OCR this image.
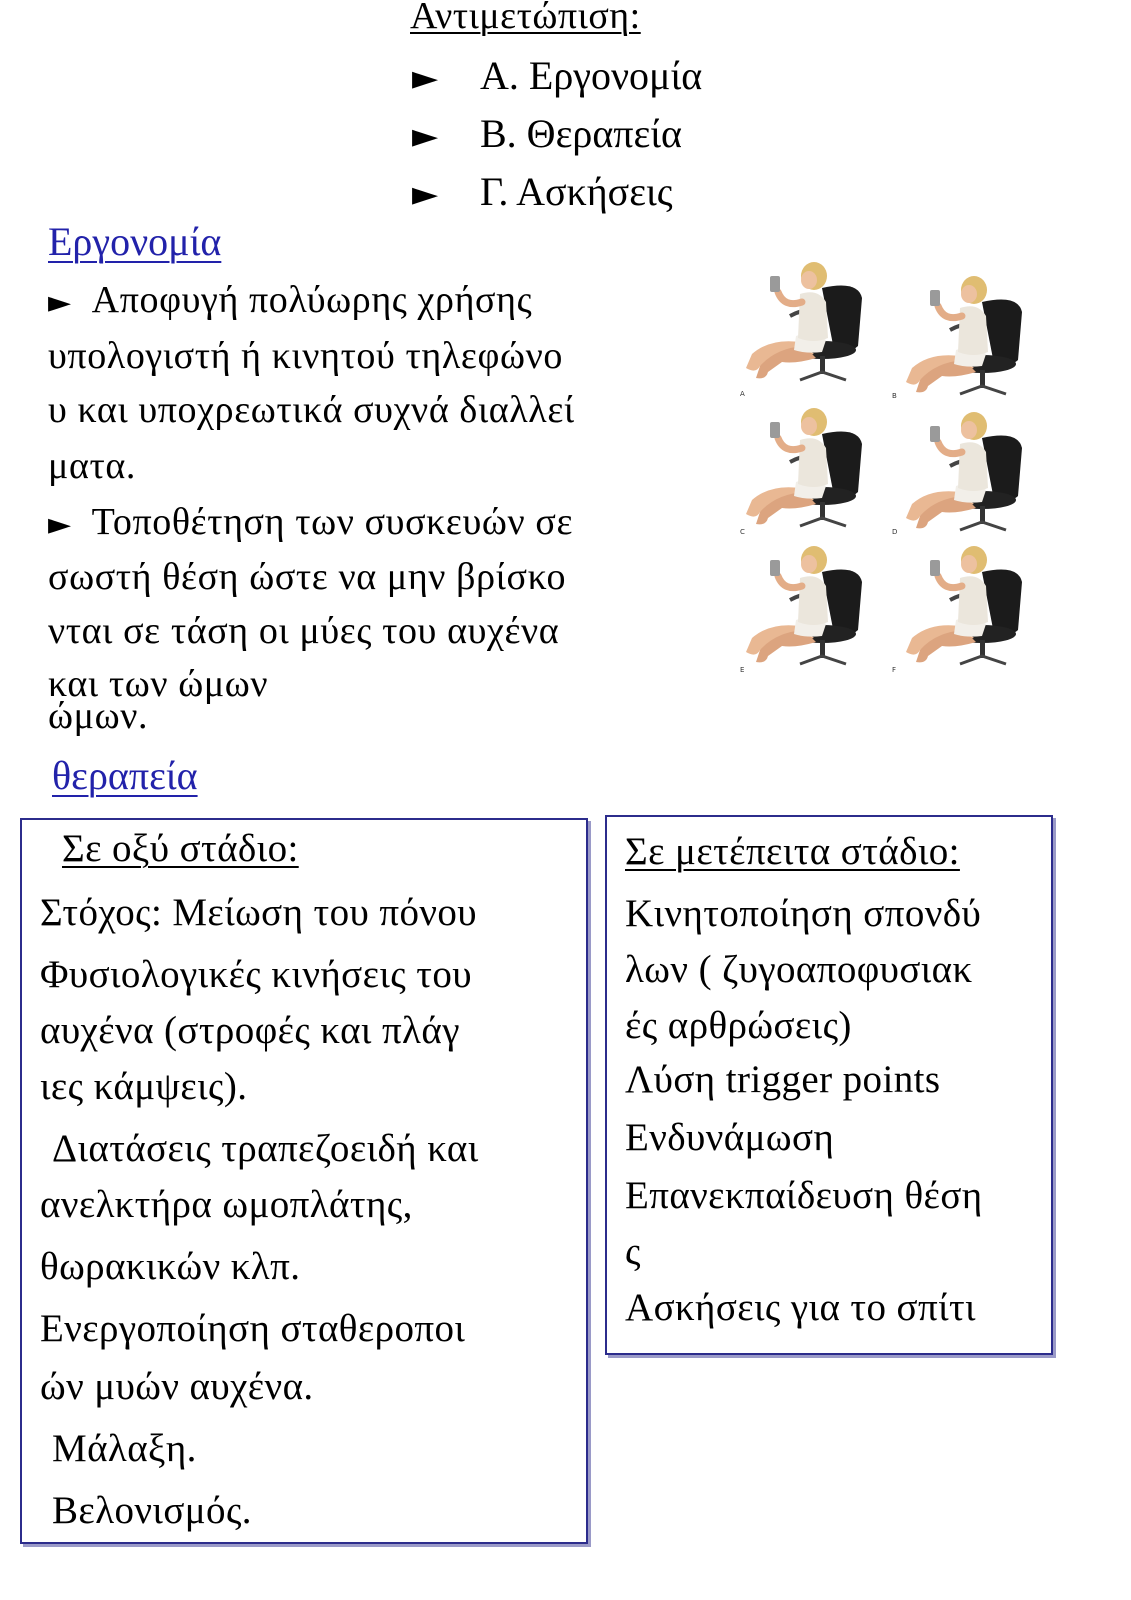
Αντιμετώπιση:
► Α. Εργονομία
► Β. Θεραπεία
► Γ. Ασκήσεις
Εργονομία
► Αποφυγή πολύωρης χρήσης
υπολογιστή ή κινητού τηλεφώνο
υ και υποχρεωτικά συχνά διαλλεί
ματα.
► Τοποθέτηση των συσκευών σε
σωστή θέση ώστε να μην βρίσκο
νται σε τάση οι μύες του αυχένα
και των ώμων
ώμων.
A	B
C	D
E	F
θεραπεία
Σε οξύ στάδιο:
Στόχος: Μείωση του πόνου
Φυσιολογικές κινήσεις του
αυχένα (στροφές και πλάγ
ιες κάμψεις).
Διατάσεις τραπεζοειδή και
ανελκτήρα ωμοπλάτης,
θωρακικών κλπ.
Ενεργοποίηση σταθεροποι
ών μυών αυχένα.
Μάλαξη.
Βελονισμός.
Σε μετέπειτα στάδιο:
Κινητοποίηση σπονδύ
λων ( ζυγοαποφυσιακ
ές αρθρώσεις)
Λύση trigger points
Ενδυνάμωση
Επανεκπαίδευση θέση
ς
Ασκήσεις για το σπίτι
